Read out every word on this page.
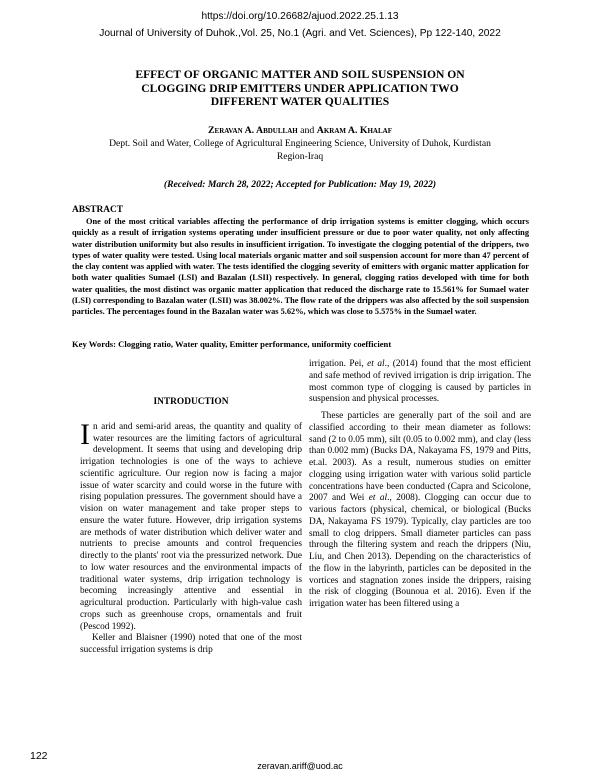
https://doi.org/10.26682/ajuod.2022.25.1.13
Journal of University of Duhok.,Vol. 25, No.1 (Agri. and Vet. Sciences), Pp 122-140, 2022
EFFECT OF ORGANIC MATTER AND SOIL SUSPENSION ON
CLOGGING DRIP EMITTERS UNDER APPLICATION TWO
DIFFERENT WATER QUALITIES
Zeravan A. Abdullah and Akram A. Khalaf
Dept. Soil and Water, College of Agricultural Engineering Science, University of Duhok, Kurdistan Region-Iraq
(Received: March 28, 2022; Accepted for Publication: May 19, 2022)
ABSTRACT

One of the most critical variables affecting the performance of drip irrigation systems is emitter clogging, which occurs quickly as a result of irrigation systems operating under insufficient pressure or due to poor water quality, not only affecting water distribution uniformity but also results in insufficient irrigation. To investigate the clogging potential of the drippers, two types of water quality were tested. Using local materials organic matter and soil suspension account for more than 47 percent of the clay content was applied with water. The tests identified the clogging severity of emitters with organic matter application for both water qualities Sumael (LSI) and Bazalan (LSII) respectively. In general, clogging ratios developed with time for both water qualities, the most distinct was organic matter application that reduced the discharge rate to 15.561% for Sumael water (LSI) corresponding to Bazalan water (LSII) was 38.002%. The flow rate of the drippers was also affected by the soil suspension particles. The percentages found in the Bazalan water was 5.62%, which was close to 5.575% in the Sumael water.

Key Words: Clogging ratio, Water quality, Emitter performance, uniformity coefficient

INTRODUCTION

In arid and semi-arid areas, the quantity and quality of water resources are the limiting factors of agricultural development. It seems that using and developing drip irrigation technologies is one of the ways to achieve scientific agriculture. Our region now is facing a major issue of water scarcity and could worse in the future with rising population pressures. The government should have a vision on water management and take proper steps to ensure the water future. However, drip irrigation systems are methods of water distribution which deliver water and nutrients to precise amounts and control frequencies directly to the plants' root via the pressurized network. Due to low water resources and the environmental impacts of traditional water systems, drip irrigation technology is becoming increasingly attentive and essential in agricultural production. Particularly with high-value cash crops such as greenhouse crops, ornamentals and fruit (Pescod 1992).

Keller and Blaisner (1990) noted that one of the most successful irrigation systems is drip

irrigation. Pei, et al., (2014) found that the most efficient and safe method of revived irrigation is drip irrigation. The most common type of clogging is caused by particles in suspension and physical processes.

These particles are generally part of the soil and are classified according to their mean diameter as follows: sand (2 to 0.05 mm), silt (0.05 to 0.002 mm), and clay (less than 0.002 mm) (Bucks DA, Nakayama FS, 1979 and Pitts, et.al. 2003). As a result, numerous studies on emitter clogging using irrigation water with various solid particle concentrations have been conducted (Capra and Scicolone, 2007 and Wei et al., 2008). Clogging can occur due to various factors (physical, chemical, or biological (Bucks DA, Nakayama FS 1979). Typically, clay particles are too small to clog drippers. Small diameter particles can pass through the filtering system and reach the drippers (Niu, Liu, and Chen 2013). Depending on the characteristics of the flow in the labyrinth, particles can be deposited in the vortices and stagnation zones inside the drippers, raising the risk of clogging (Bounoua et al. 2016). Even if the irrigation water has been filtered using a

122
zeravan.ariff@uod.ac
